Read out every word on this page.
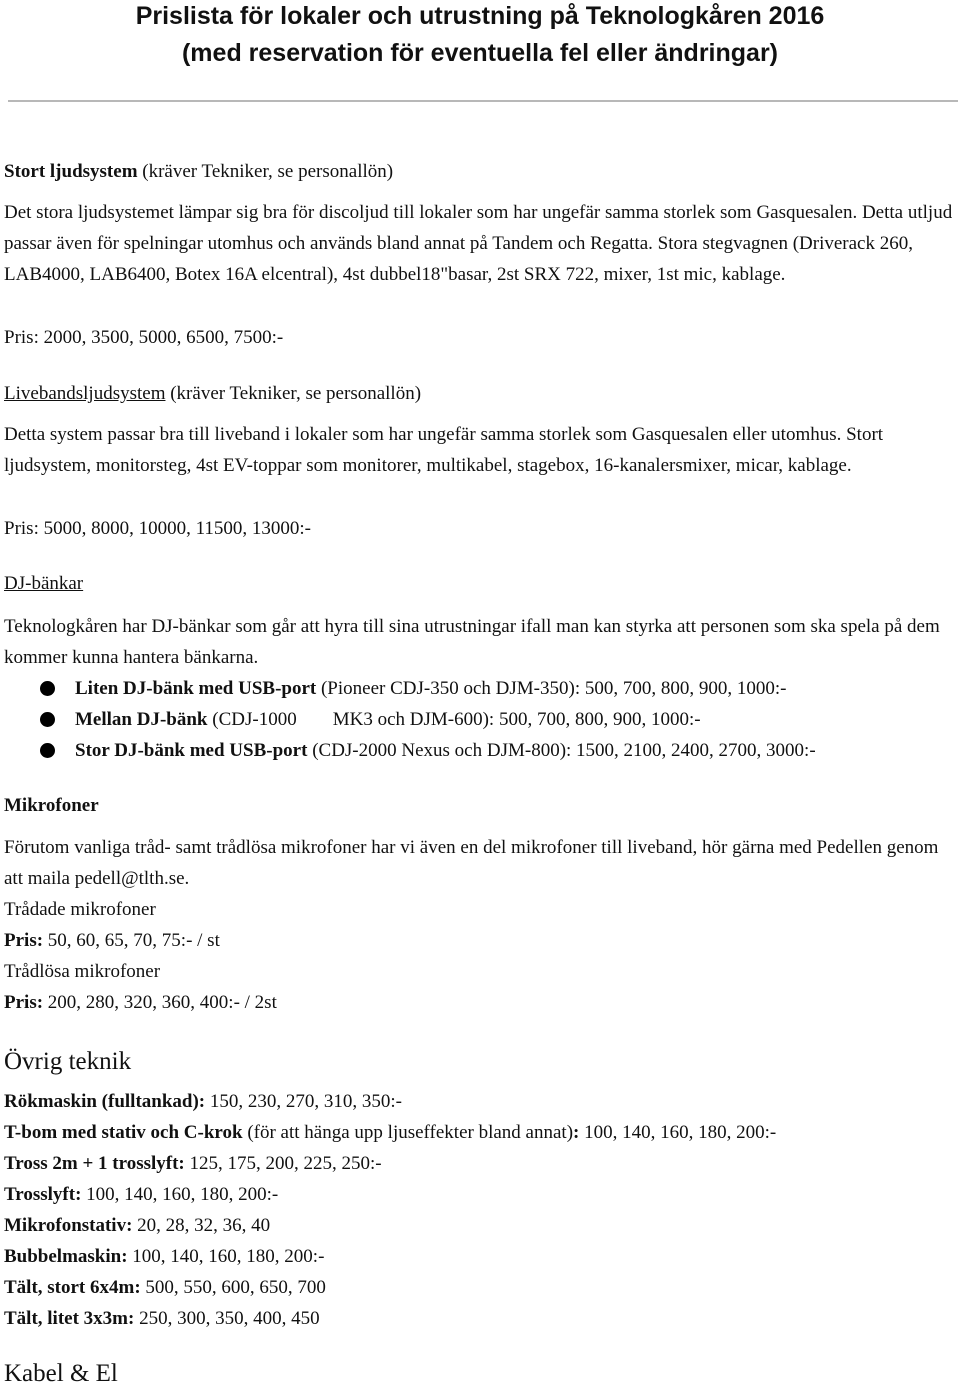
Prislista för lokaler och utrustning på Teknologkåren 2016
(med reservation för eventuella fel eller ändringar)

Stort ljudsystem (kräver Tekniker, se personallön)

Det stora ljudsystemet lämpar sig bra för discoljud till lokaler som har ungefär samma storlek som Gasquesalen. Detta utljud passar även för spelningar utomhus och används bland annat på Tandem och Regatta. Stora stegvagnen (Driverack 260, LAB4000, LAB6400, Botex 16A elcentral), 4st dubbel18"basar, 2st SRX 722, mixer, 1st mic, kablage.

Pris: 2000, 3500, 5000, 6500, 7500:-

Livebandsljudsystem (kräver Tekniker, se personallön)

Detta system passar bra till liveband i lokaler som har ungefär samma storlek som Gasquesalen eller utomhus. Stort ljudsystem, monitorsteg, 4st EV-toppar som monitorer, multikabel, stagebox, 16-kanalersmixer, micar, kablage.

Pris: 5000, 8000, 10000, 11500, 13000:-

DJ-bänkar

Teknologkåren har DJ-bänkar som går att hyra till sina utrustningar ifall man kan styrka att personen som ska spela på dem kommer kunna hantera bänkarna.

Liten DJ-bänk med USB-port (Pioneer CDJ-350 och DJM-350): 500, 700, 800, 900, 1000:-
Mellan DJ-bänk (CDJ-1000 MK3 och DJM-600): 500, 700, 800, 900, 1000:-
Stor DJ-bänk med USB-port (CDJ-2000 Nexus och DJM-800): 1500, 2100, 2400, 2700, 3000:-

Mikrofoner

Förutom vanliga tråd- samt trådlösa mikrofoner har vi även en del mikrofoner till liveband, hör gärna med Pedellen genom att maila pedell@tlth.se.

Trådade mikrofoner

Pris: 50, 60, 65, 70, 75:- / st

Trådlösa mikrofoner

Pris: 200, 280, 320, 360, 400:- / 2st

Övrig teknik

Rökmaskin (fulltankad): 150, 230, 270, 310, 350:-

T-bom med stativ och C-krok (för att hänga upp ljuseffekter bland annat): 100, 140, 160, 180, 200:-

Tross 2m + 1 trosslyft: 125, 175, 200, 225, 250:-

Trosslyft: 100, 140, 160, 180, 200:-

Mikrofonstativ: 20, 28, 32, 36, 40

Bubbelmaskin: 100, 140, 160, 180, 200:-

Tält, stort 6x4m: 500, 550, 600, 650, 700

Tält, litet 3x3m: 250, 300, 350, 400, 450

Kabel & El
